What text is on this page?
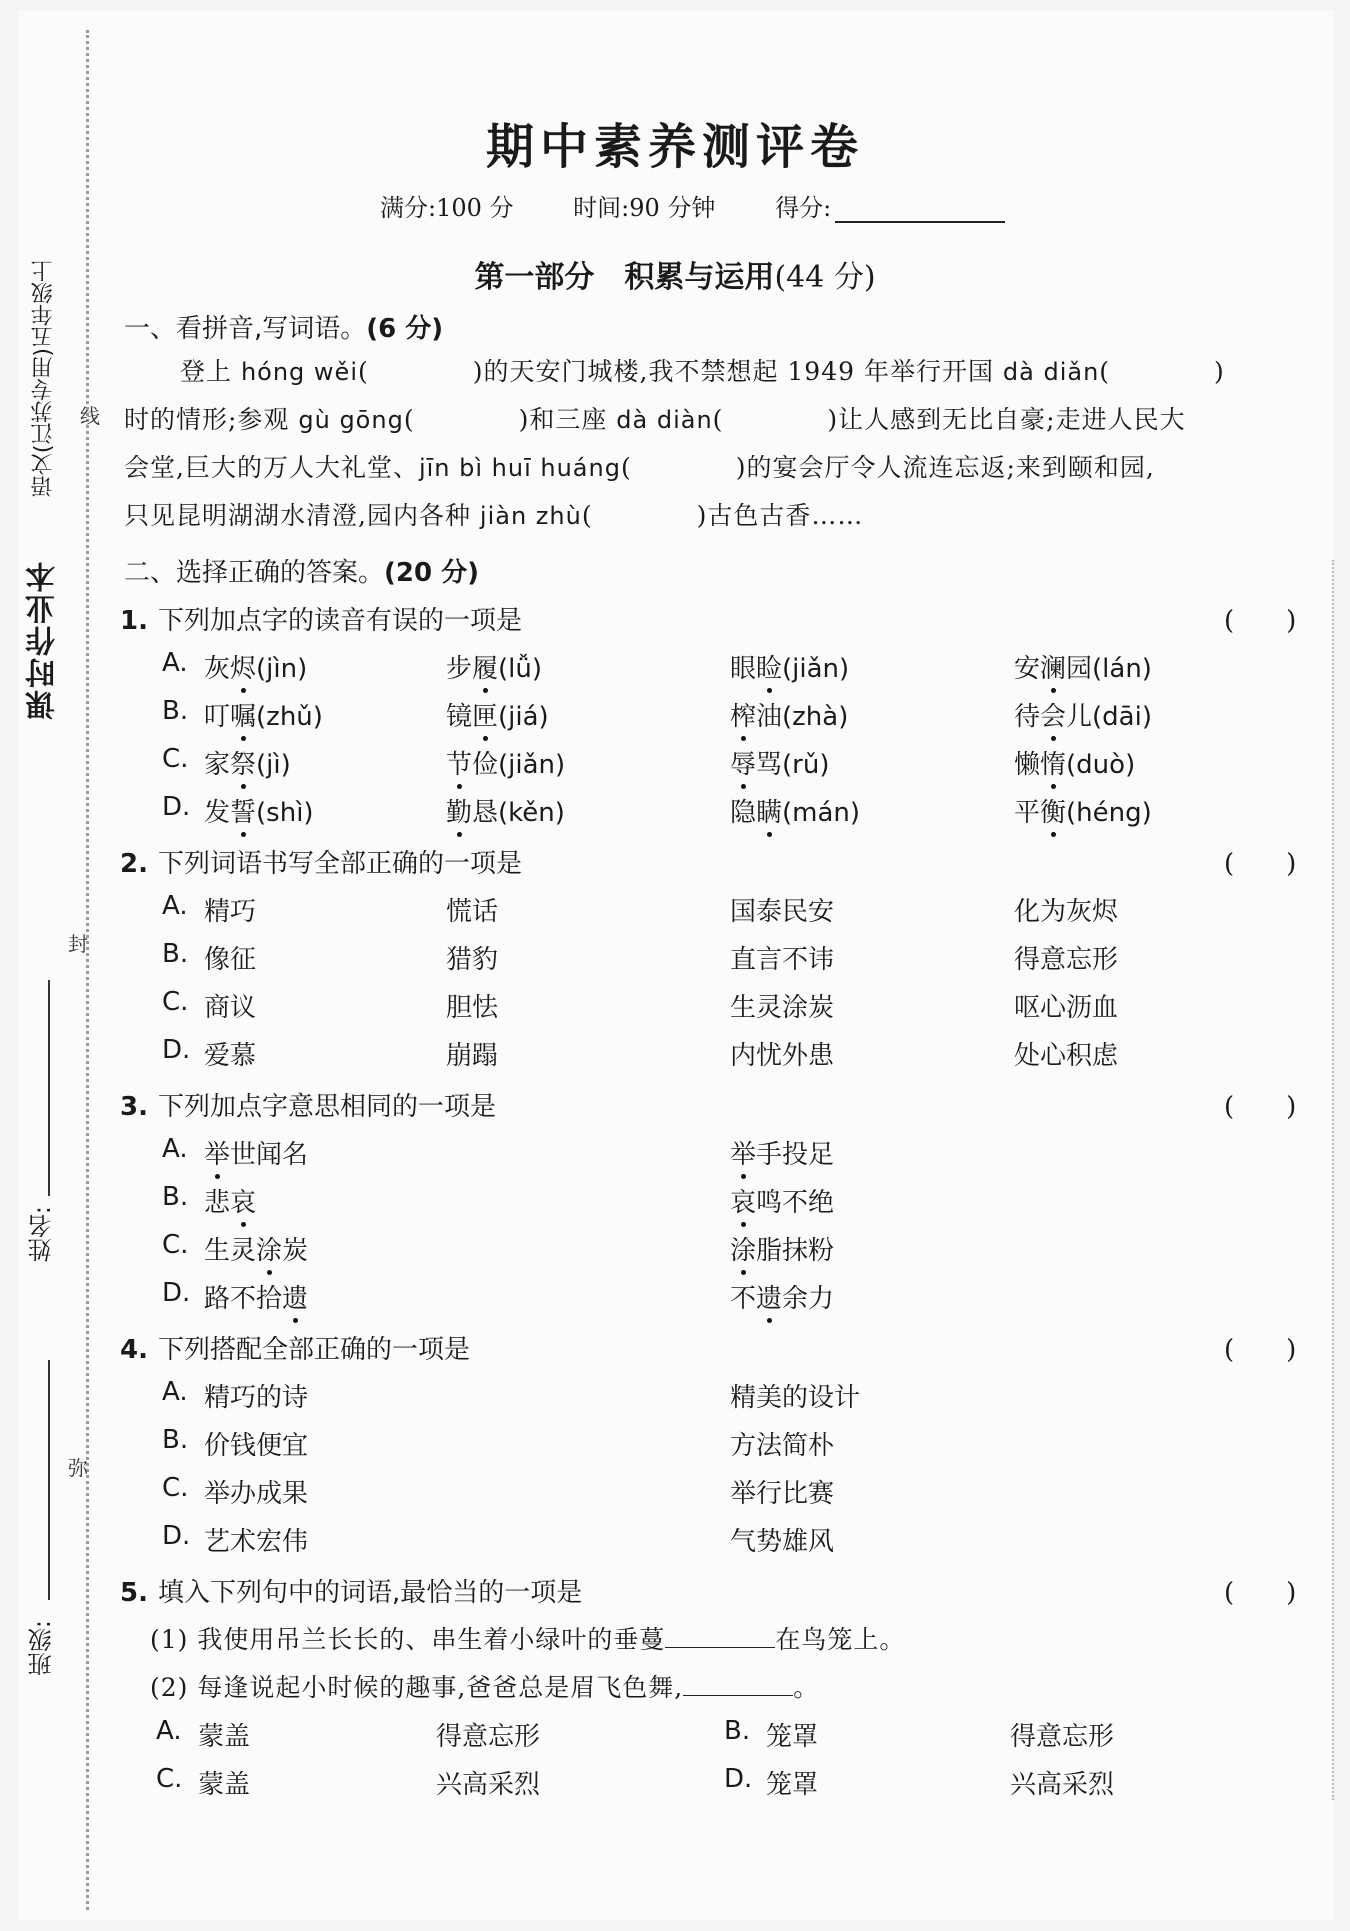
课时作业本
语文(江苏专用)五年级上 线
封
弥
姓名:
班级:
期中素养测评卷
满分:100 分 时间:90 分钟 得分:
第一部分　积累与运用(44 分)
一、看拼音,写词语。(6 分)
登上 hóng wěi(　　　　)的天安门城楼,我不禁想起 1949 年举行开国 dà diǎn(　　　　)
时的情形;参观 gù gōng(　　　　)和三座 dà diàn(　　　　)让人感到无比自豪;走进人民大
会堂,巨大的万人大礼堂、jīn bì huī huáng(　　　　)的宴会厅令人流连忘返;来到颐和园,
只见昆明湖湖水清澄,园内各种 jiàn zhù(　　　　)古色古香……
二、选择正确的答案。(20 分)
1. 下列加点字的读音有误的一项是	(　　)
A. 灰烬(jìn)	步履(lǚ)	眼睑(jiǎn)	安澜园(lán)
B. 叮嘱(zhǔ)	镜匣(jiá)	榨油(zhà)	待会儿(dāi)
C. 家祭(jì)	节俭(jiǎn)	辱骂(rǔ)	懒惰(duò)
D. 发誓(shì)	勤恳(kěn)	隐瞒(mán)	平衡(héng)
2. 下列词语书写全部正确的一项是	(　　)
A. 精巧	慌话	国泰民安	化为灰烬
B. 像征	猎豹	直言不讳	得意忘形
C. 商议	胆怯	生灵涂炭	呕心沥血
D. 爱慕	崩蹋	内忧外患	处心积虑
3. 下列加点字意思相同的一项是	(　　)
A. 举世闻名	举手投足
B. 悲哀	哀鸣不绝
C. 生灵涂炭	涂脂抹粉
D. 路不拾遗	不遗余力
4. 下列搭配全部正确的一项是	(　　)
A. 精巧的诗	精美的设计
B. 价钱便宜	方法简朴
C. 举办成果	举行比赛
D. 艺术宏伟	气势雄风
5. 填入下列句中的词语,最恰当的一项是	(　　)
(1) 我使用吊兰长长的、串生着小绿叶的垂蔓	在鸟笼上。
(2) 每逢说起小时候的趣事,爸爸总是眉飞色舞,	。
A. 蒙盖	得意忘形	B. 笼罩	得意忘形
C. 蒙盖	兴高采烈	D. 笼罩	兴高采烈
